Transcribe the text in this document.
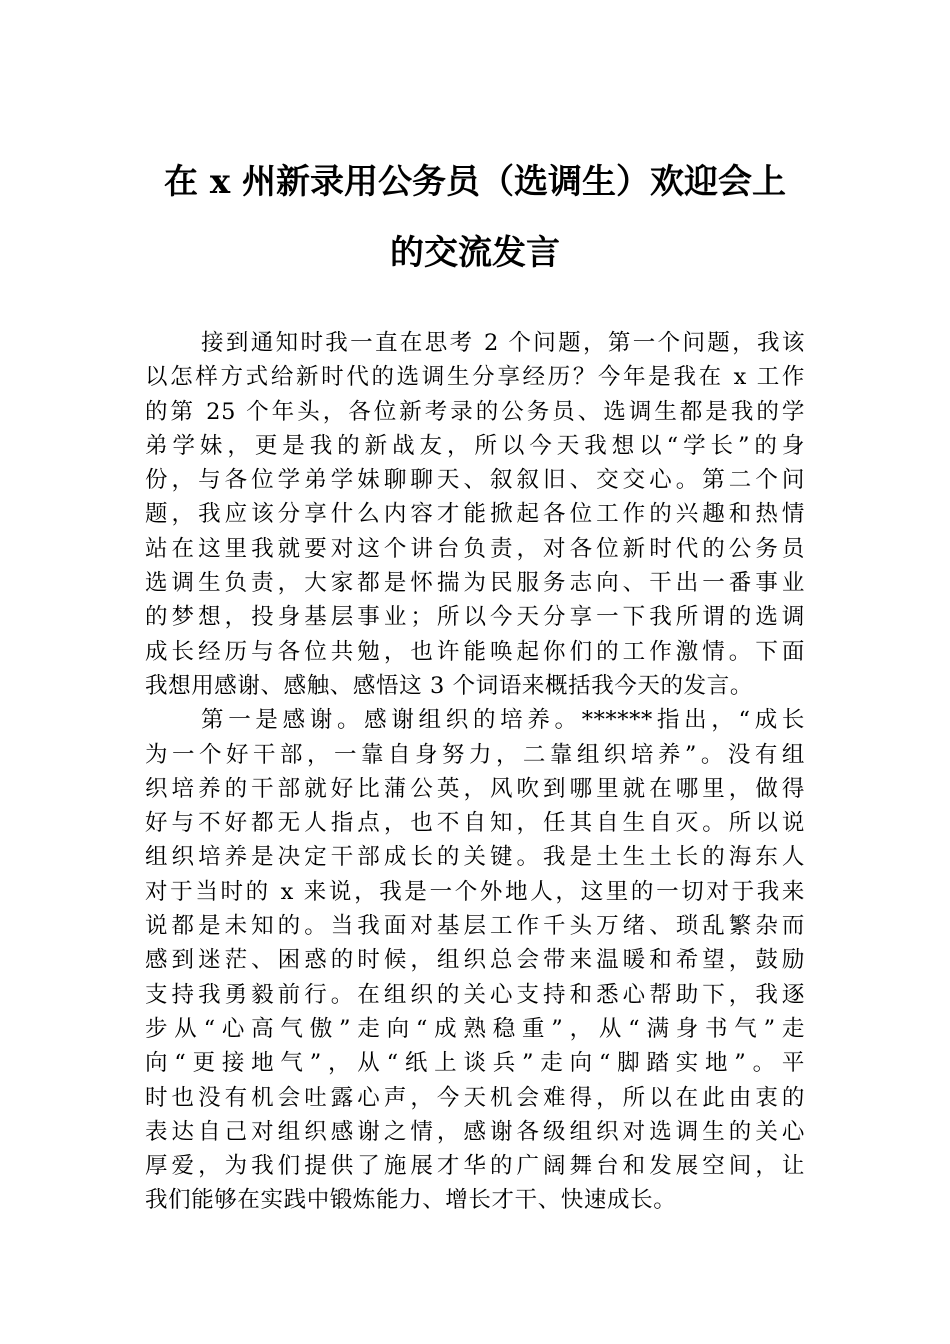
在 x 州新录用公务员（选调生）欢迎会上
的交流发言

接到通知时我一直在思考 2 个问题，第一个问题，我该
以怎样方式给新时代的选调生分享经历？今年是我在 x 工作
的第 25 个年头，各位新考录的公务员、选调生都是我的学
弟学妹，更是我的新战友，所以今天我想以“学长”的身
份，与各位学弟学妹聊聊天、叙叙旧、交交心。第二个问
题，我应该分享什么内容才能掀起各位工作的兴趣和热情
站在这里我就要对这个讲台负责，对各位新时代的公务员
选调生负责，大家都是怀揣为民服务志向、干出一番事业
的梦想，投身基层事业；所以今天分享一下我所谓的选调
成长经历与各位共勉，也许能唤起你们的工作激情。下面
我想用感谢、感触、感悟这 3 个词语来概括我今天的发言。

第一是感谢。感谢组织的培养。******指出，“成长
为一个好干部，一靠自身努力，二靠组织培养”。没有组
织培养的干部就好比蒲公英，风吹到哪里就在哪里，做得
好与不好都无人指点，也不自知，任其自生自灭。所以说
组织培养是决定干部成长的关键。我是土生土长的海东人
对于当时的 x 来说，我是一个外地人，这里的一切对于我来
说都是未知的。当我面对基层工作千头万绪、琐乱繁杂而
感到迷茫、困惑的时候，组织总会带来温暖和希望，鼓励
支持我勇毅前行。在组织的关心支持和悉心帮助下，我逐
步从“心高气傲”走向“成熟稳重”，从“满身书气”走
向“更接地气”，从“纸上谈兵”走向“脚踏实地”。平
时也没有机会吐露心声，今天机会难得，所以在此由衷的
表达自己对组织感谢之情，感谢各级组织对选调生的关心
厚爱，为我们提供了施展才华的广阔舞台和发展空间，让
我们能够在实践中锻炼能力、增长才干、快速成长。
